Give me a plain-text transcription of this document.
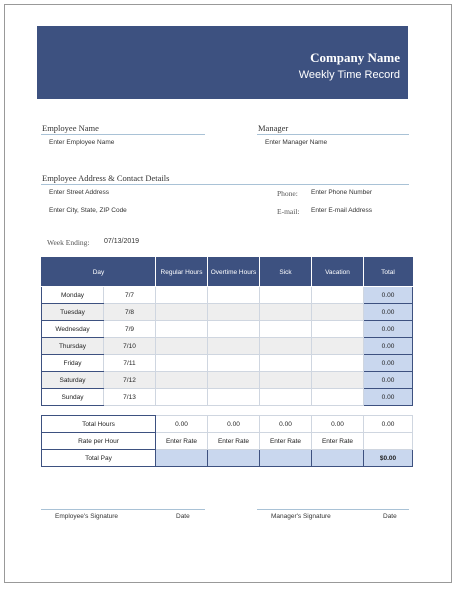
Company Name
Weekly Time Record
Employee Name
Enter Employee Name
Manager
Enter Manager Name
Employee Address & Contact Details
Enter Street Address
Enter City, State, ZIP Code
Phone: Enter Phone Number
E-mail: Enter E-mail Address
Week Ending: 07/13/2019
Day		Regular Hours	Overtime Hours	Sick	Vacation	Total
Monday	7/7					0.00
Tuesday	7/8					0.00
Wednesday	7/9					0.00
Thursday	7/10					0.00
Friday	7/11					0.00
Saturday	7/12					0.00
Sunday	7/13					0.00
Total Hours	0.00	0.00	0.00	0.00	0.00
Rate per Hour	Enter Rate	Enter Rate	Enter Rate	Enter Rate	
Total Pay					$0.00
Employee's Signature	Date	Manager's Signature	Date
